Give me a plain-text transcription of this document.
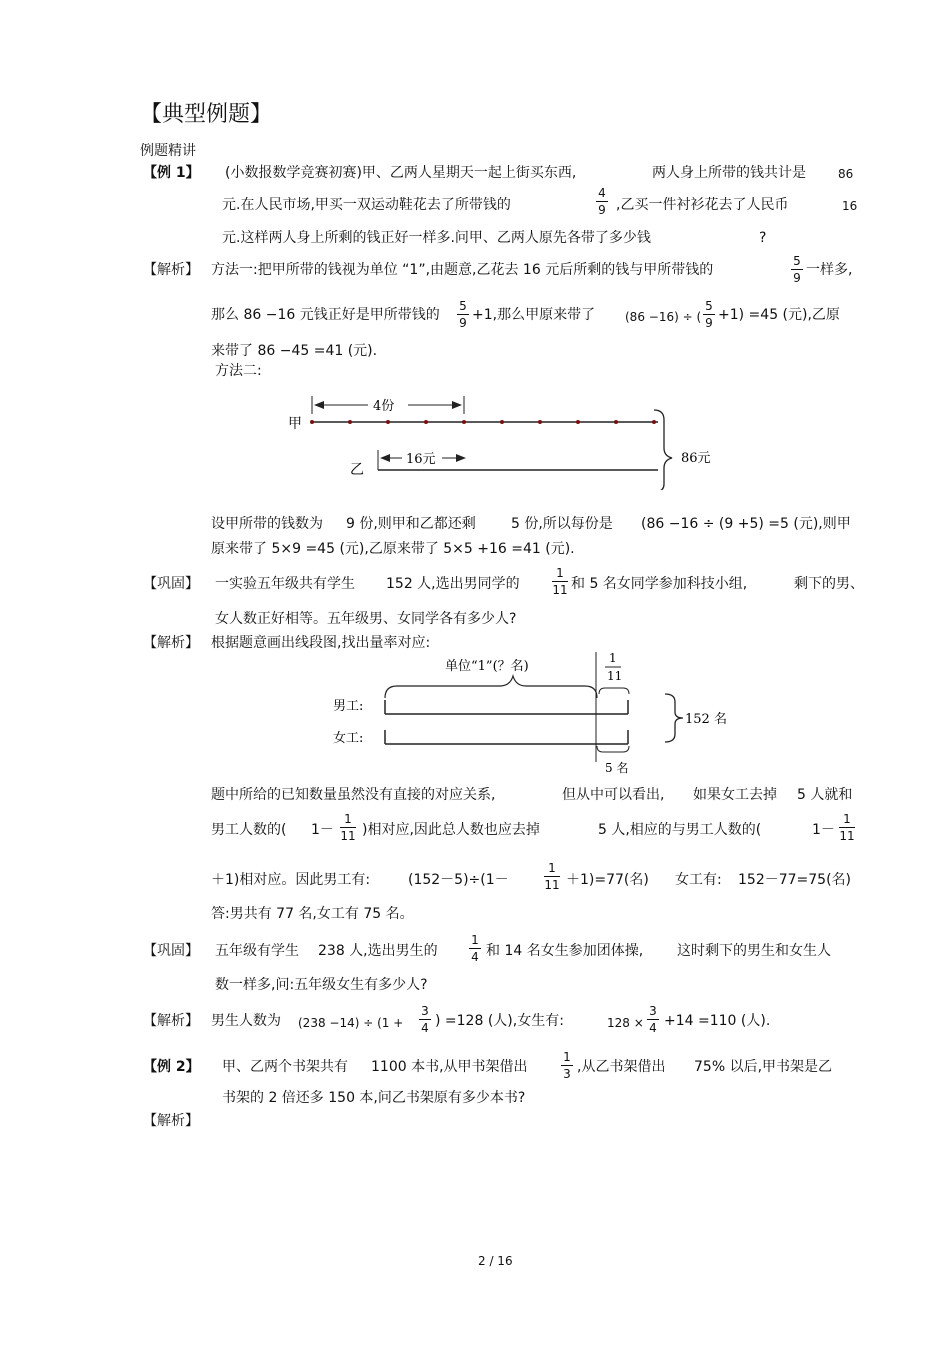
【典型例题】
例题精讲
【例 1】 (小数报数学竞赛初赛)甲、乙两人星期天一起上街买东西,	两人身上所带的钱共计是	86
元.在人民市场,甲买一双运动鞋花去了所带钱的
4
9 ,乙买一件衬衫花去了人民币	16
元.这样两人身上所剩的钱正好一样多.问甲、乙两人原先各带了多少钱	?
【解析】 方法一:把甲所带的钱视为单位 “1”,由题意,乙花去 16 元后所剩的钱与甲所带钱的
5
9 一样多,
那么 86 −16 元钱正好是甲所带钱的
5
9 +1,那么甲原来带了 (86 −16) ÷ (
5
9 +1) =45 (元),乙原
来带了 86 −45 =41 (元).
方法二:
甲
4份
乙
16元	86元
设甲所带的钱数为 9 份,则甲和乙都还剩	5 份,所以每份是 (86 −16 ÷ (9 +5) =5 (元),则甲
原来带了 5×9 =45 (元),乙原来带了 5×5 +16 =41 (元).
【巩固】 一实验五年级共有学生 152 人,选出男同学的
1
11 和 5 名女同学参加科技小组,	剩下的男、
女人数正好相等。五年级男、女同学各有多少人?
【解析】 根据题意画出线段图,找出量率对应:
单位“1”(？名)
1
11
男工:
女工:
5 名
152 名
题中所给的已知数量虽然没有直接的对应关系,	但从中可以看出, 如果女工去掉 5 人就和
男工人数的( 1－
1
11 )相对应,因此总人数也应去掉	5 人,相应的与男工人数的(	1－
1
11
＋1)相对应。因此男工有:	(152－5)÷(1－
1
11 ＋1)=77(名) 女工有: 152－77=75(名)
答:男共有 77 名,女工有 75 名。
【巩固】 五年级有学生 238 人,选出男生的
1
4 和 14 名女生参加团体操, 这时剩下的男生和女生人
数一样多,问:五年级女生有多少人?
【解析】 男生人数为 (238 −14) ÷ (1 +
3
4 ) =128 (人),女生有:	128 ×
3
4 +14 =110 (人).
【例 2】 甲、乙两个书架共有 1100 本书,从甲书架借出
1
3 ,从乙书架借出 75% 以后,甲书架是乙
书架的 2 倍还多 150 本,问乙书架原有多少本书?
【解析】
2 / 16
